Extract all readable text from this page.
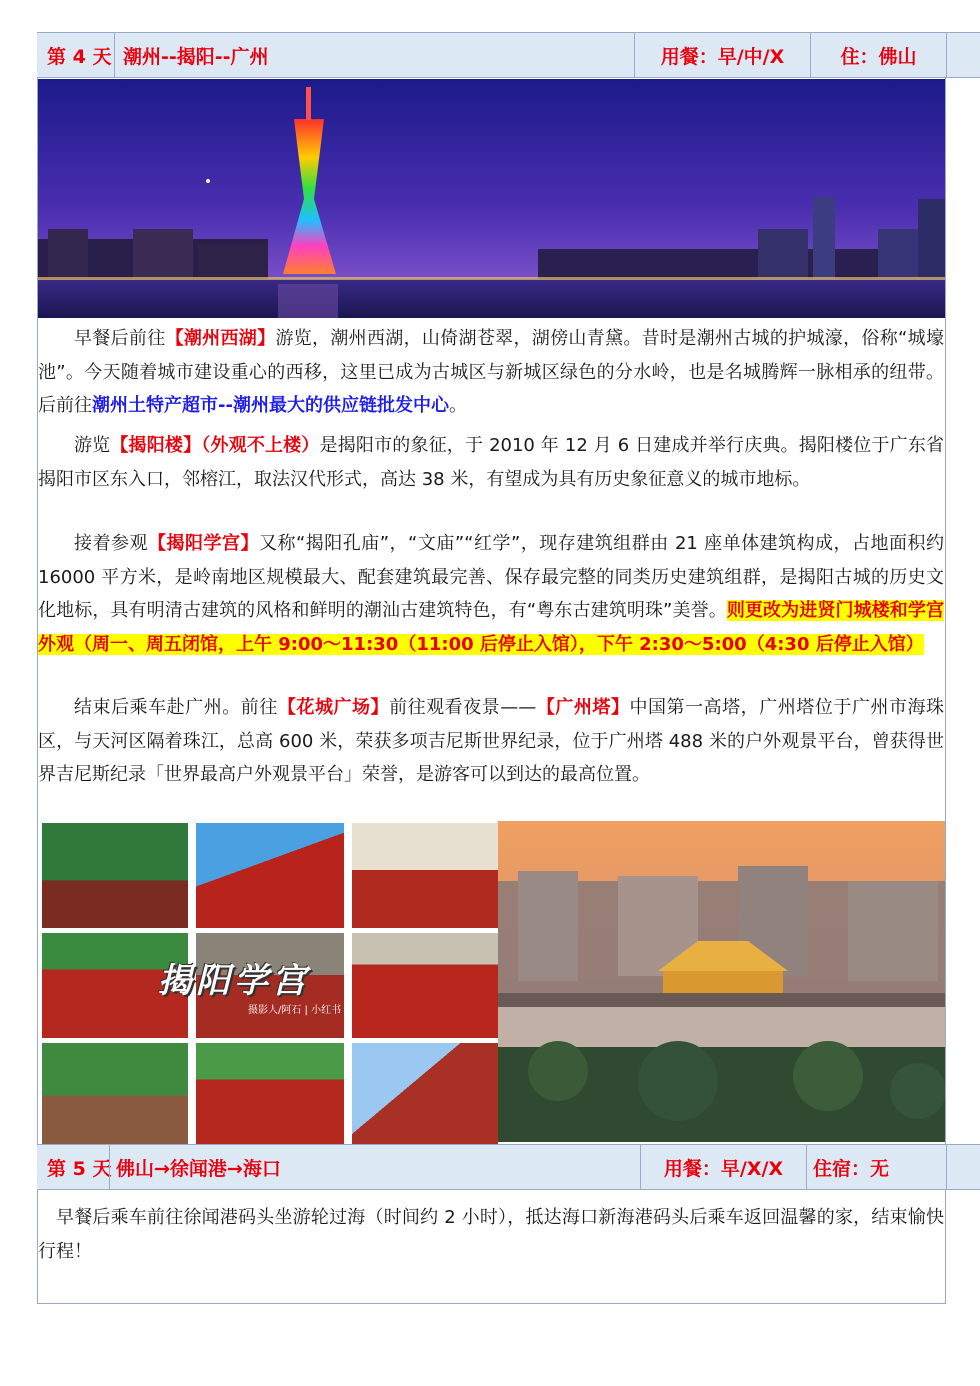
第 4 天 潮州--揭阳--广州	用餐：早/中/X	住：佛山

早餐后前往【潮州西湖】游览，潮州西湖，山倚湖苍翠，湖傍山青黛。昔时是潮州古城的护城濠，俗称“城壕池”。今天随着城市建设重心的西移，这里已成为古城区与新城区绿色的分水岭，也是名城腾辉一脉相承的纽带。后前往潮州土特产超市--潮州最大的供应链批发中心。

游览【揭阳楼】（外观不上楼）是揭阳市的象征，于 2010 年 12 月 6 日建成并举行庆典。揭阳楼位于广东省揭阳市区东入口，邻榕江，取法汉代形式，高达 38 米，有望成为具有历史象征意义的城市地标。

接着参观【揭阳学宫】又称“揭阳孔庙”，“文庙”“红学”，现存建筑组群由 21 座单体建筑构成，占地面积约 16000 平方米，是岭南地区规模最大、配套建筑最完善、保存最完整的同类历史建筑组群，是揭阳古城的历史文化地标，具有明清古建筑的风格和鲜明的潮汕古建筑特色，有“粤东古建筑明珠”美誉。则更改为进贤门城楼和学宫外观（周一、周五闭馆，上午 9:00～11:30（11:00 后停止入馆），下午 2:30～5:00（4:30 后停止入馆）

结束后乘车赴广州。前往【花城广场】前往观看夜景——【广州塔】中国第一高塔，广州塔位于广州市海珠区，与天河区隔着珠江，总高 600 米，荣获多项吉尼斯世界纪录，位于广州塔 488 米的户外观景平台，曾获得世界吉尼斯纪录「世界最高户外观景平台」荣誉，是游客可以到达的最高位置。

揭阳学宫
摄影人/阿石 | 小红书
第 5 天 佛山→徐闻港→海口	用餐：早/X/X	住宿：无

早餐后乘车前往徐闻港码头坐游轮过海（时间约 2 小时），抵达海口新海港码头后乘车返回温馨的家，结束愉快行程！
